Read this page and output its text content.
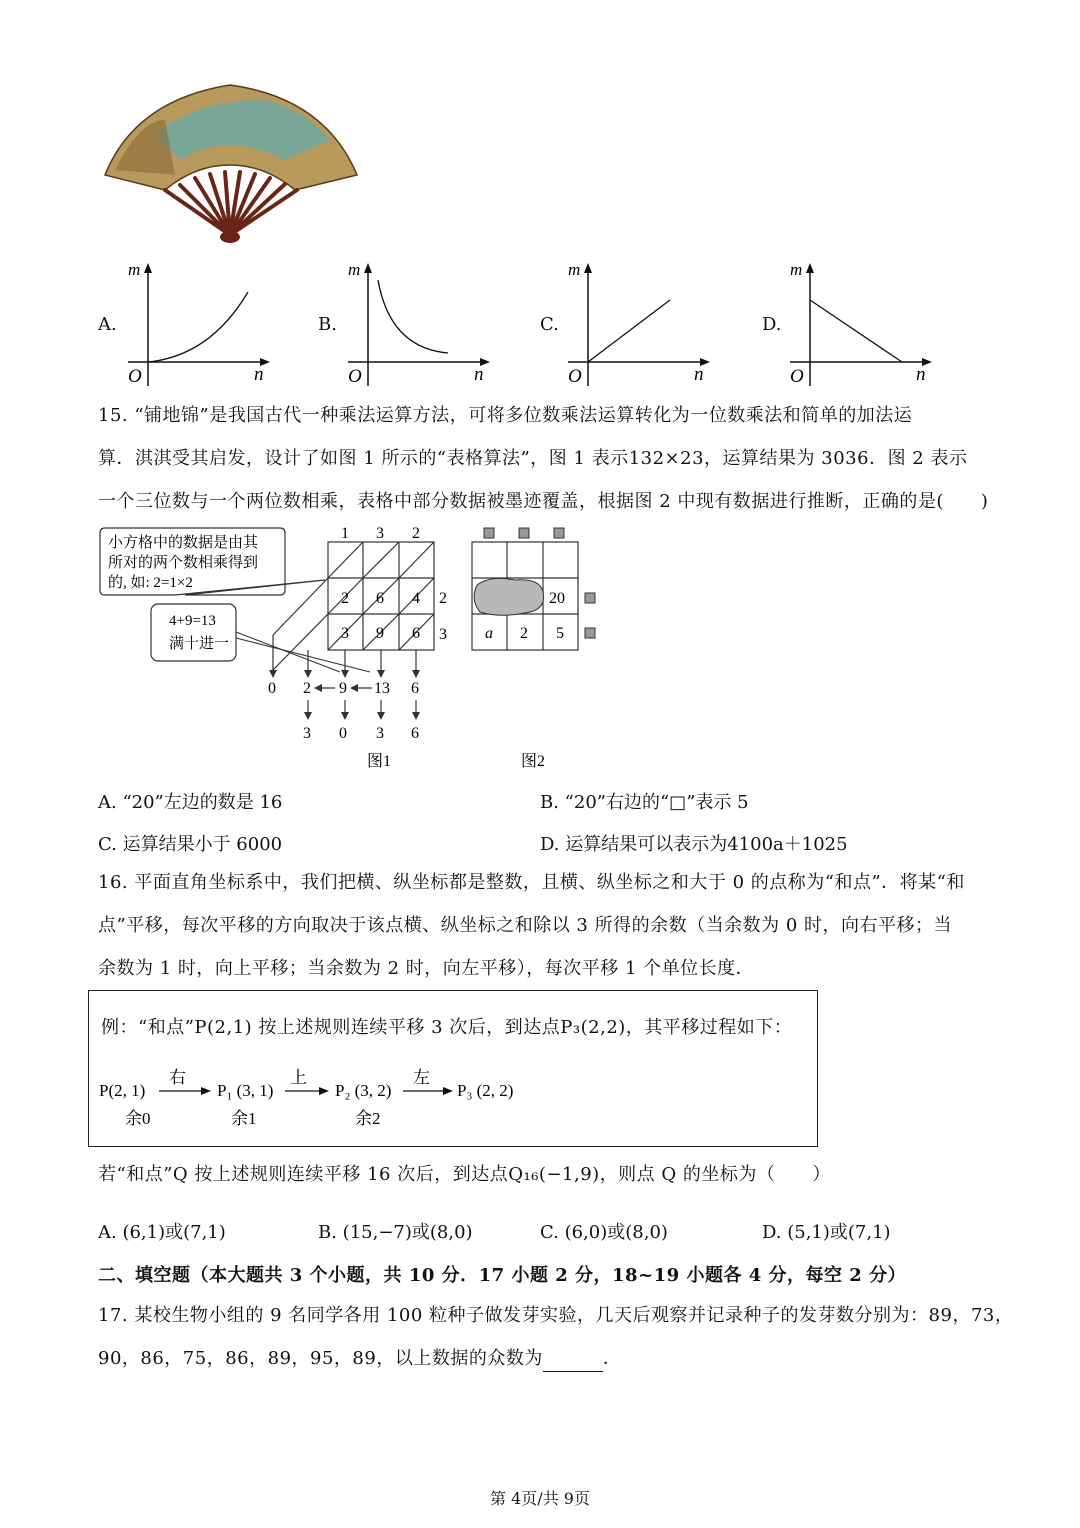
A.
m
O	n
B.
m
O	n
C.
m
O	n
D.
m
O	n
15. “铺地锦”是我国古代一种乘法运算方法，可将多位数乘法运算转化为一位数乘法和简单的加法运
算．淇淇受其启发，设计了如图 1 所示的“表格算法”，图 1 表示132×23，运算结果为 3036．图 2 表示
一个三位数与一个两位数相乘，表格中部分数据被墨迹覆盖，根据图 2 中现有数据进行推断，正确的是(　　)
小方格中的数据是由其
所对的两个数相乘得到
的, 如: 2=1×2
4+9=13
满十进一
1 3 2
2
3
2 6 4
3 9 6
0 2 9 13 6
3 0 3 6
图1
20
a 2 5
图2
A. “20”左边的数是 16	B. “20”右边的“□”表示 5
C. 运算结果小于 6000	D. 运算结果可以表示为4100a＋1025
16. 平面直角坐标系中，我们把横、纵坐标都是整数，且横、纵坐标之和大于 0 的点称为“和点”．将某“和
点”平移，每次平移的方向取决于该点横、纵坐标之和除以 3 所得的余数（当余数为 0 时，向右平移；当
余数为 1 时，向上平移；当余数为 2 时，向左平移），每次平移 1 个单位长度．
例：“和点”P(2,1) 按上述规则连续平移 3 次后，到达点P₃(2,2)，其平移过程如下：
P(2, 1)
右
余0
P₁ (3, 1)
上
余1
P₂ (3, 2)
左
余2
P₃ (2, 2)
若“和点”Q 按上述规则连续平移 16 次后，到达点Q₁₆(−1,9)，则点 Q 的坐标为（　　）
A. (6,1)或(7,1)	B. (15,−7)或(8,0)	C. (6,0)或(8,0)	D. (5,1)或(7,1)
二、填空题（本大题共 3 个小题，共 10 分．17 小题 2 分，18~19 小题各 4 分，每空 2 分）
17. 某校生物小组的 9 名同学各用 100 粒种子做发芽实验，几天后观察并记录种子的发芽数分别为：89，73，
90，86，75，86，89，95，89，以上数据的众数为	．
第 4页/共 9页
